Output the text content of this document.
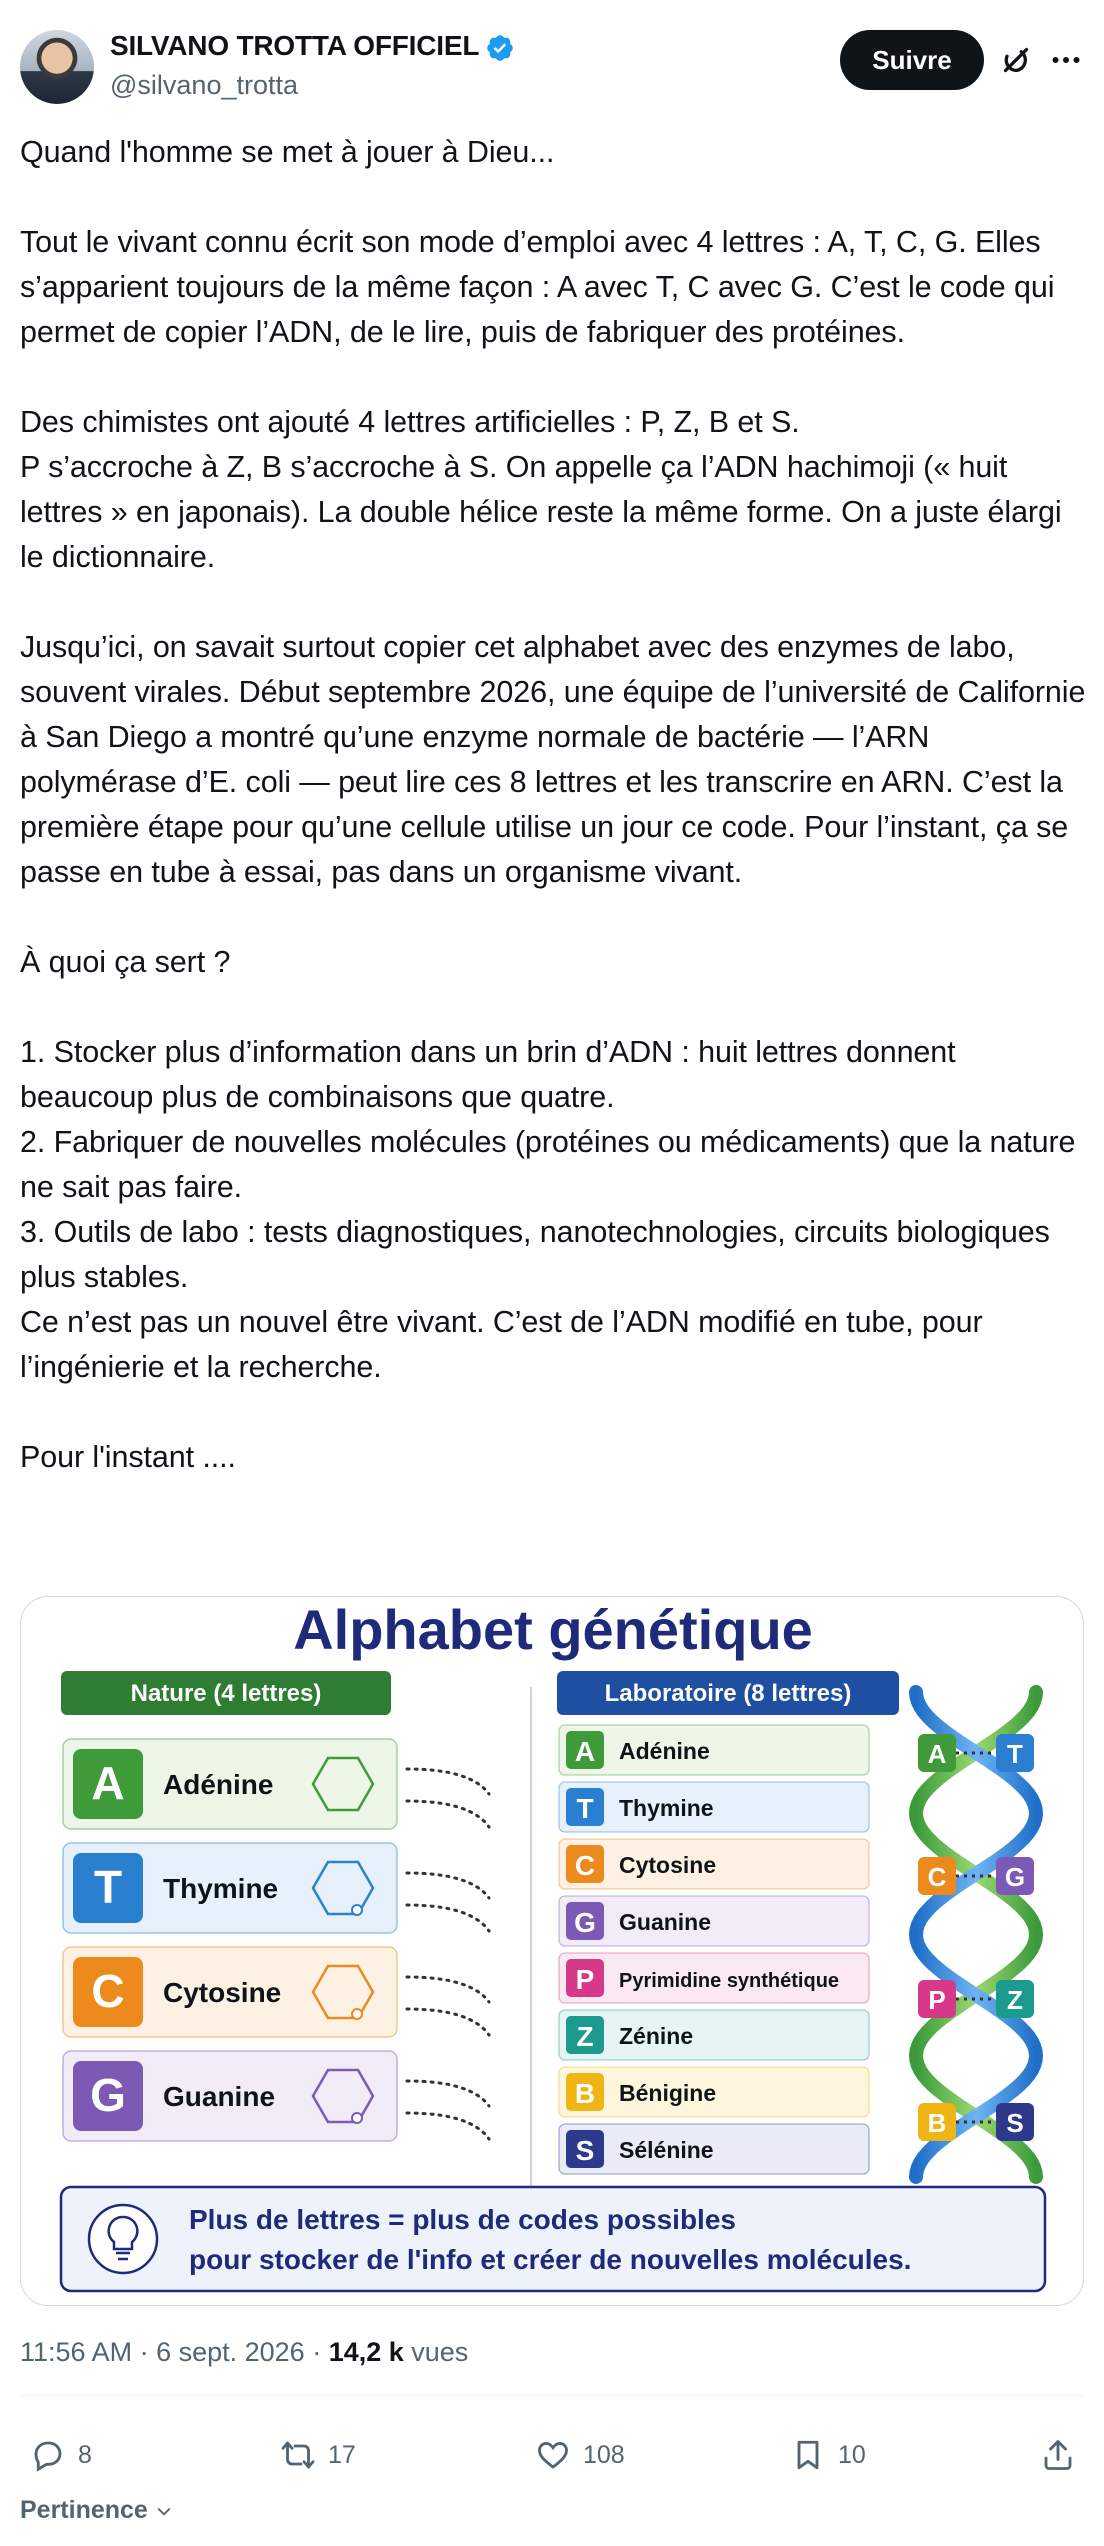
SILVANO TROTTA OFFICIEL
@silvano_trotta
Suivre

Quand l'homme se met à jouer à Dieu...

Tout le vivant connu écrit son mode d’emploi avec 4 lettres : A, T, C, G. Elles s’apparient toujours de la même façon : A avec T, C avec G. C’est le code qui permet de copier l’ADN, de le lire, puis de fabriquer des protéines.

Des chimistes ont ajouté 4 lettres artificielles : P, Z, B et S.

P s’accroche à Z, B s’accroche à S. On appelle ça l’ADN hachimoji (« huit lettres » en japonais). La double hélice reste la même forme. On a juste élargi le dictionnaire.

Jusqu’ici, on savait surtout copier cet alphabet avec des enzymes de labo, souvent virales. Début septembre 2026, une équipe de l’université de Californie à San Diego a montré qu’une enzyme normale de bactérie — l’ARN polymérase d’E. coli — peut lire ces 8 lettres et les transcrire en ARN. C’est la première étape pour qu’une cellule utilise un jour ce code. Pour l’instant, ça se passe en tube à essai, pas dans un organisme vivant.

À quoi ça sert ?

1. Stocker plus d’information dans un brin d’ADN : huit lettres donnent beaucoup plus de combinaisons que quatre.

2. Fabriquer de nouvelles molécules (protéines ou médicaments) que la nature ne sait pas faire.

3. Outils de labo : tests diagnostiques, nanotechnologies, circuits biologiques plus stables.

Ce n’est pas un nouvel être vivant. C’est de l’ADN modifié en tube, pour l’ingénierie et la recherche.

Pour l'instant ....

Alphabet génétique
Nature (4 lettres)	Laboratoire (8 lettres)
A Adénine
T Thymine
C Cytosine
G Guanine
A Adénine
T Thymine
C Cytosine
G Guanine
P Pyrimidine synthétique
Z Zénine
B Bénigine
S Sélénine
A T
C G
P Z
B S
Plus de lettres = plus de codes possibles
pour stocker de l'info et créer de nouvelles molécules.
11:56 AM · 6 sept. 2026 · 14,2 k vues
8	17	108	10
Pertinence
